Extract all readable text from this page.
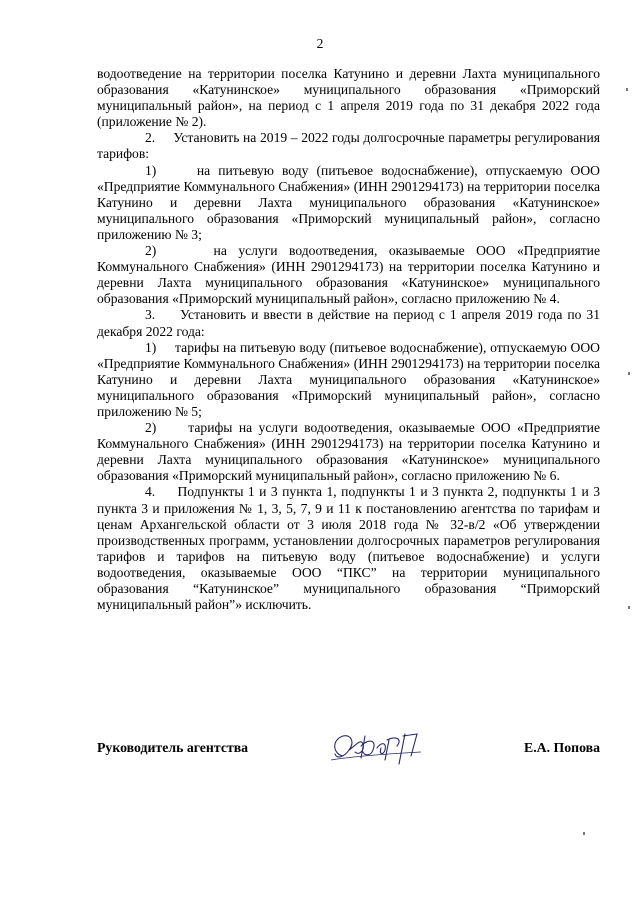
2

водоотведение на территории поселка Катунино и деревни Лахта муниципального образования «Катунинское» муниципального образования «Приморский муниципальный район», на период с 1 апреля 2019 года по 31 декабря 2022 года (приложение № 2).

2.     Установить на 2019 – 2022 годы долгосрочные параметры регулирования тарифов:

1)     на питьевую воду (питьевое водоснабжение), отпускаемую ООО «Предприятие Коммунального Снабжения» (ИНН 2901294173) на территории поселка Катунино и деревни Лахта муниципального образования «Катунинское» муниципального образования «Приморский муниципальный район», согласно приложению № 3;

2)     на услуги водоотведения, оказываемые ООО «Предприятие Коммунального Снабжения» (ИНН 2901294173) на территории поселка Катунино и деревни Лахта муниципального образования «Катунинское» муниципального образования «Приморский муниципальный район», согласно приложению № 4.

3.     Установить и ввести в действие на период с 1 апреля 2019 года по 31 декабря 2022 года:

1)     тарифы на питьевую воду (питьевое водоснабжение), отпускаемую ООО «Предприятие Коммунального Снабжения» (ИНН 2901294173) на территории поселка Катунино и деревни Лахта муниципального образования «Катунинское» муниципального образования «Приморский муниципальный район», согласно приложению № 5;

2)     тарифы на услуги водоотведения, оказываемые ООО «Предприятие Коммунального Снабжения» (ИНН 2901294173) на территории поселка Катунино и деревни Лахта муниципального образования «Катунинское» муниципального образования «Приморский муниципальный район», согласно приложению № 6.

4.     Подпункты 1 и 3 пункта 1, подпункты 1 и 3 пункта 2, подпункты 1 и 3 пункта 3 и приложения № 1, 3, 5, 7, 9 и 11 к постановлению агентства по тарифам и ценам Архангельской области от 3 июля 2018 года № 32-в/2 «Об утверждении производственных программ, установлении долгосрочных параметров регулирования тарифов и тарифов на питьевую воду (питьевое водоснабжение) и услуги водоотведения, оказываемые ООО “ПКС” на территории муниципального образования “Катунинское” муниципального образования “Приморский муниципальный район”» исключить.

Руководитель агентства	Е.А. Попова
